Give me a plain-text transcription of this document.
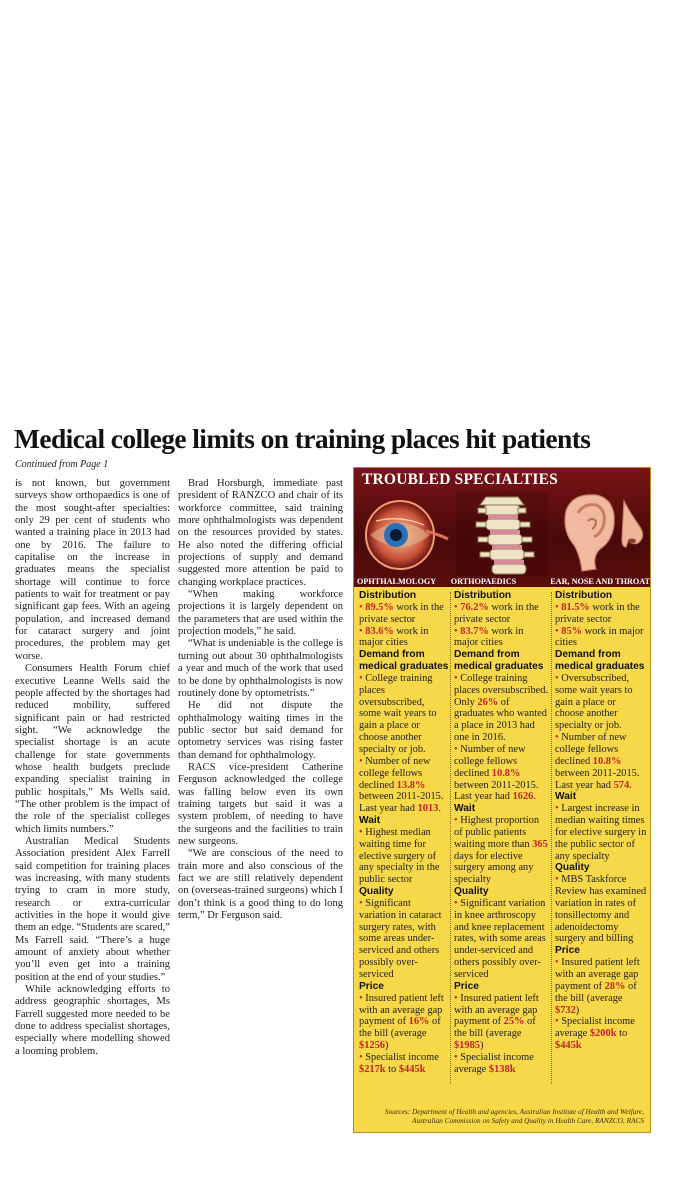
Medical college limits on training places hit patients
Continued from Page 1

is not known, but government surveys show orthopaedics is one of the most sought-after specialties: only 29 per cent of students who wanted a training place in 2013 had one by 2016. The failure to capitalise on the increase in graduates means the specialist shortage will continue to force patients to wait for treatment or pay significant gap fees. With an ageing population, and increased demand for cataract surgery and joint procedures, the problem may get worse.

Consumers Health Forum chief executive Leanne Wells said the people affected by the shortages had reduced mobility, suffered significant pain or had restricted sight. “We acknowledge the specialist shortage is an acute challenge for state governments whose health budgets preclude expanding specialist training in public hospitals,” Ms Wells said. “The other problem is the impact of the role of the specialist colleges which limits numbers.”

Australian Medical Students Association president Alex Farrell said competition for training places was increasing, with many students trying to cram in more study, research or extra-curricular activities in the hope it would give them an edge. “Students are scared,” Ms Farrell said. “There’s a huge amount of anxiety about whether you’ll even get into a training position at the end of your studies.”

While acknowledging efforts to address geographic shortages, Ms Farrell suggested more needed to be done to address specialist shortages, especially where modelling showed a looming problem.

Brad Horsburgh, immediate past president of RANZCO and chair of its workforce committee, said training more ophthalmologists was dependent on the resources provided by states. He also noted the differing official projections of supply and demand suggested more attention be paid to changing workplace practices.

“When making workforce projections it is largely dependent on the parameters that are used within the projection models,” he said.

“What is undeniable is the college is turning out about 30 ophthalmologists a year and much of the work that used to be done by ophthalmologists is now routinely done by optometrists.”

He did not dispute the ophthalmology waiting times in the public sector but said demand for optometry services was rising faster than demand for ophthalmology.

RACS vice-president Catherine Ferguson acknowledged the college was falling below even its own training targets but said it was a system problem, of needing to have the surgeons and the facilities to train new surgeons.

“We are conscious of the need to train more and also conscious of the fact we are still relatively dependent on (overseas-trained surgeons) which I don’t think is a good thing to do long term,” Dr Ferguson said.

TROUBLED SPECIALTIES
OPHTHALMOLOGY	ORTHOPAEDICS	EAR, NOSE AND THROAT
Distribution

• 89.5% work in the private sector

• 83.6% work in major cities

Demand from medical graduates

• College training places oversubscribed, some wait years to gain a place or choose another specialty or job.

• Number of new college fellows declined 13.8% between 2011-2015. Last year had 1013.

Wait

• Highest median waiting time for elective surgery of any specialty in the public sector

Quality

• Significant variation in cataract surgery rates, with some areas under-serviced and others possibly over-serviced

Price

• Insured patient left with an average gap payment of 16% of the bill (average $1256)

• Specialist income $217k to $445k

Distribution

• 76.2% work in the private sector

• 83.7% work in major cities

Demand from medical graduates

• College training places oversubscribed. Only 26% of graduates who wanted a place in 2013 had one in 2016.

• Number of new college fellows declined 10.8% between 2011-2015. Last year had 1626.

Wait

• Highest proportion of public patients waiting more than 365 days for elective surgery among any specialty

Quality

• Significant variation in knee arthroscopy and knee replacement rates, with some areas under-serviced and others possibly over-serviced

Price

• Insured patient left with an average gap payment of 25% of the bill (average $1985)

• Specialist income average $138k

Distribution

• 81.5% work in the private sector

• 85% work in major cities

Demand from medical graduates

• Oversubscribed, some wait years to gain a place or choose another specialty or job.

• Number of new college fellows declined 10.8% between 2011-2015. Last year had 574.

Wait

• Largest increase in median waiting times for elective surgery in the public sector of any specialty

Quality

• MBS Taskforce Review has examined variation in rates of tonsillectomy and adenoidectomy surgery and billing

Price

• Insured patient left with an average gap payment of 28% of the bill (average $732)

• Specialist income average $200k to $445k

Sources: Department of Health and agencies, Australian Institute of Health and Welfare, Australian Commission on Safety and Quality in Health Care, RANZCO, RACS
